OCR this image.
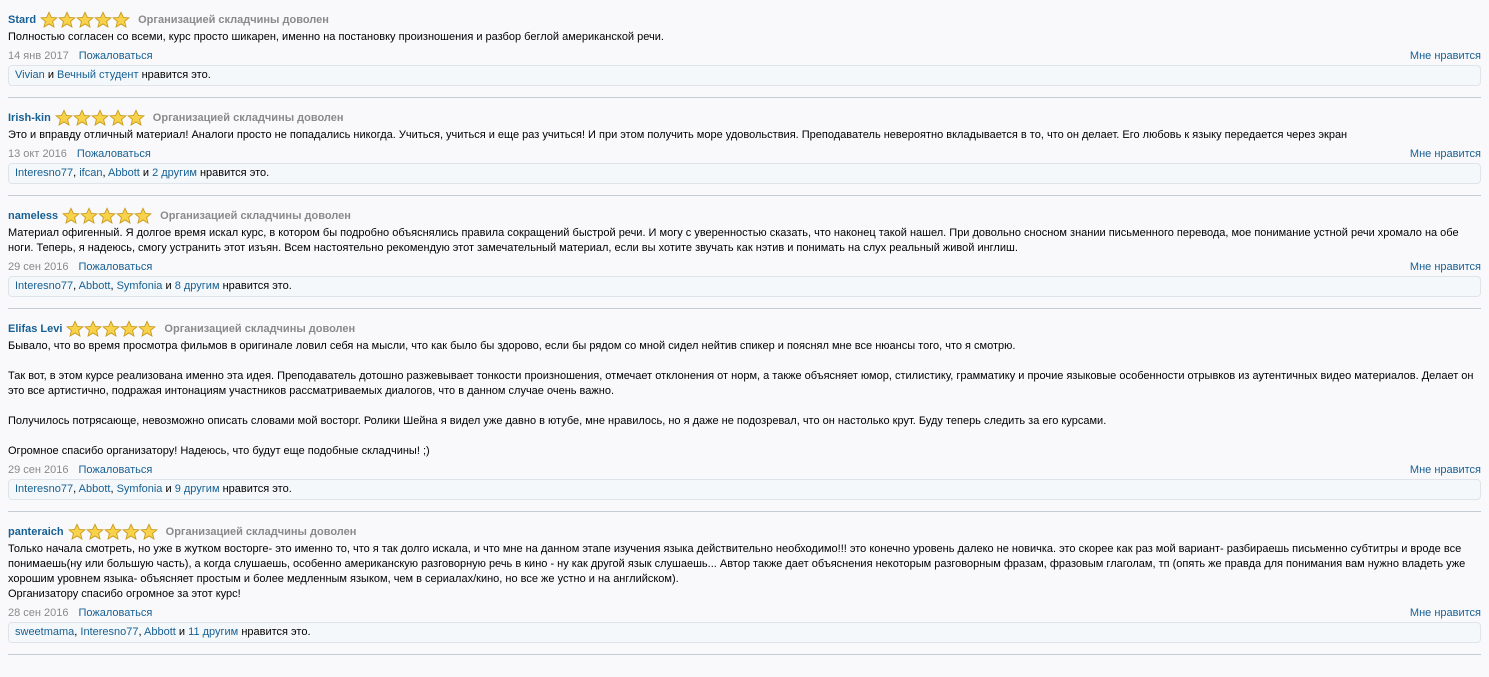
Stard	Организацией складчины доволен
Полностью согласен со всеми, курс просто шикарен, именно на постановку произношения и разбор беглой американской речи.
14 янв 2017 Пожаловаться	Мне нравится
Vivian и Вечный студент нравится это.
Irish-kin	Организацией складчины доволен
Это и вправду отличный материал! Аналоги просто не попадались никогда. Учиться, учиться и еще раз учиться! И при этом получить море удовольствия. Преподаватель невероятно вкладывается в то, что он делает. Его любовь к языку передается через экран
13 окт 2016 Пожаловаться	Мне нравится
Interesno77, ifcan, Abbott и 2 другим нравится это.
nameless	Организацией складчины доволен
Материал офигенный. Я долгое время искал курс, в котором бы подробно объяснялись правила сокращений быстрой речи. И могу с уверенностью сказать, что наконец такой нашел. При довольно сносном знании письменного перевода, мое понимание устной речи хромало на обе ноги. Теперь, я надеюсь, смогу устранить этот изъян. Всем настоятельно рекомендую этот замечательный материал, если вы хотите звучать как нэтив и понимать на слух реальный живой инглиш.
29 сен 2016 Пожаловаться	Мне нравится
Interesno77, Abbott, Symfonia и 8 другим нравится это.
Elifas Levi	Организацией складчины доволен
Бывало, что во время просмотра фильмов в оригинале ловил себя на мысли, что как было бы здорово, если бы рядом со мной сидел нейтив спикер и пояснял мне все нюансы того, что я смотрю.

Так вот, в этом курсе реализована именно эта идея. Преподаватель дотошно разжевывает тонкости произношения, отмечает отклонения от норм, а также объясняет юмор, стилистику, грамматику и прочие языковые особенности отрывков из аутентичных видео материалов. Делает он это все артистично, подражая интонациям участников рассматриваемых диалогов, что в данном случае очень важно.

Получилось потрясающе, невозможно описать словами мой восторг. Ролики Шейна я видел уже давно в ютубе, мне нравилось, но я даже не подозревал, что он настолько крут. Буду теперь следить за его курсами.

Огромное спасибо организатору! Надеюсь, что будут еще подобные складчины! ;)
29 сен 2016 Пожаловаться	Мне нравится
Interesno77, Abbott, Symfonia и 9 другим нравится это.
panteraich	Организацией складчины доволен
Только начала смотреть, но уже в жутком восторге- это именно то, что я так долго искала, и что мне на данном этапе изучения языка действительно необходимо!!! это конечно уровень далеко не новичка. это скорее как раз мой вариант- разбираешь письменно субтитры и вроде все понимаешь(ну или большую часть), а когда слушаешь, особенно американскую разговорную речь в кино - ну как другой язык слушаешь... Автор также дает объяснения некоторым разговорным фразам, фразовым глаголам, тп (опять же правда для понимания вам нужно владеть уже хорошим уровнем языка- объясняет простым и более медленным языком, чем в сериалах/кино, но все же устно и на английском).
Организатору спасибо огромное за этот курс!
28 сен 2016 Пожаловаться	Мне нравится
sweetmama, Interesno77, Abbott и 11 другим нравится это.
